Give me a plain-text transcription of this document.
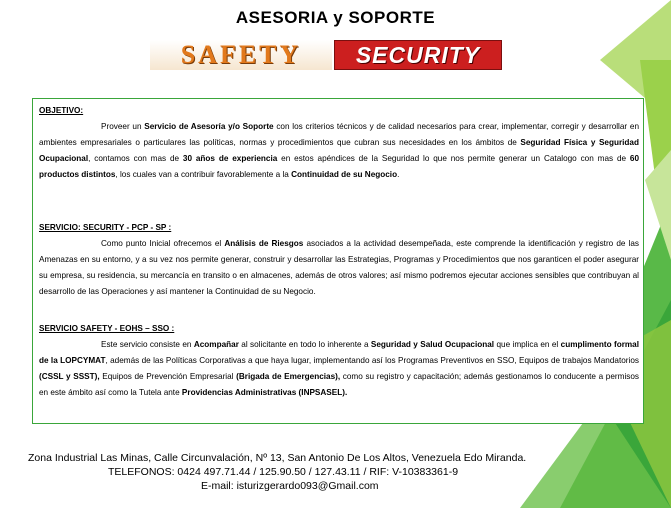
ASESORIA y SOPORTE
SAFETY	SECURITY
OBJETIVO:
Proveer un Servicio de Asesoría y/o Soporte con los criterios técnicos y de calidad necesarios para crear, implementar, corregir y desarrollar en ambientes empresariales o particulares las políticas, normas y procedimientos que cubran sus necesidades en los ámbitos de Seguridad Física y Seguridad Ocupacional, contamos con mas de 30 años de experiencia en estos apéndices de la Seguridad lo que nos permite generar un Catalogo con mas de 60 productos distintos, los cuales van a contribuir favorablemente a la Continuidad de su Negocio.
SERVICIO: SECURITY - PCP - SP :
Como punto Inicial ofrecemos el Análisis de Riesgos asociados a la actividad desempeñada, este comprende la identificación y registro de las Amenazas en su entorno, y a su vez nos permite generar, construir y desarrollar las Estrategias, Programas y Procedimientos que nos garanticen el poder asegurar su empresa, su residencia, su mercancía en transito o en almacenes, además de otros valores; así mismo podremos ejecutar acciones sensibles que contribuyan al desarrollo de las Operaciones y así mantener la Continuidad de su Negocio.
SERVICIO SAFETY - EOHS – SSO :
Este servicio consiste en Acompañar al solicitante en todo lo inherente a Seguridad y Salud Ocupacional que implica en el cumplimento formal de la LOPCYMAT, además de las Políticas Corporativas a que haya lugar, implementando así los Programas Preventivos en SSO, Equipos de trabajos Mandatorios (CSSL y SSST), Equipos de Prevención Empresarial (Brigada de Emergencias), como su registro y capacitación; además gestionamos lo conducente a permisos en este ámbito así como la Tutela ante Providencias Administrativas (INPSASEL).
Zona Industrial Las Minas, Calle Circunvalación, Nº 13, San Antonio De Los Altos, Venezuela Edo Miranda.
TELEFONOS: 0424 497.71.44 / 125.90.50 / 127.43.11 / RIF: V-10383361-9
E-mail: isturizgerardo093@Gmail.com
